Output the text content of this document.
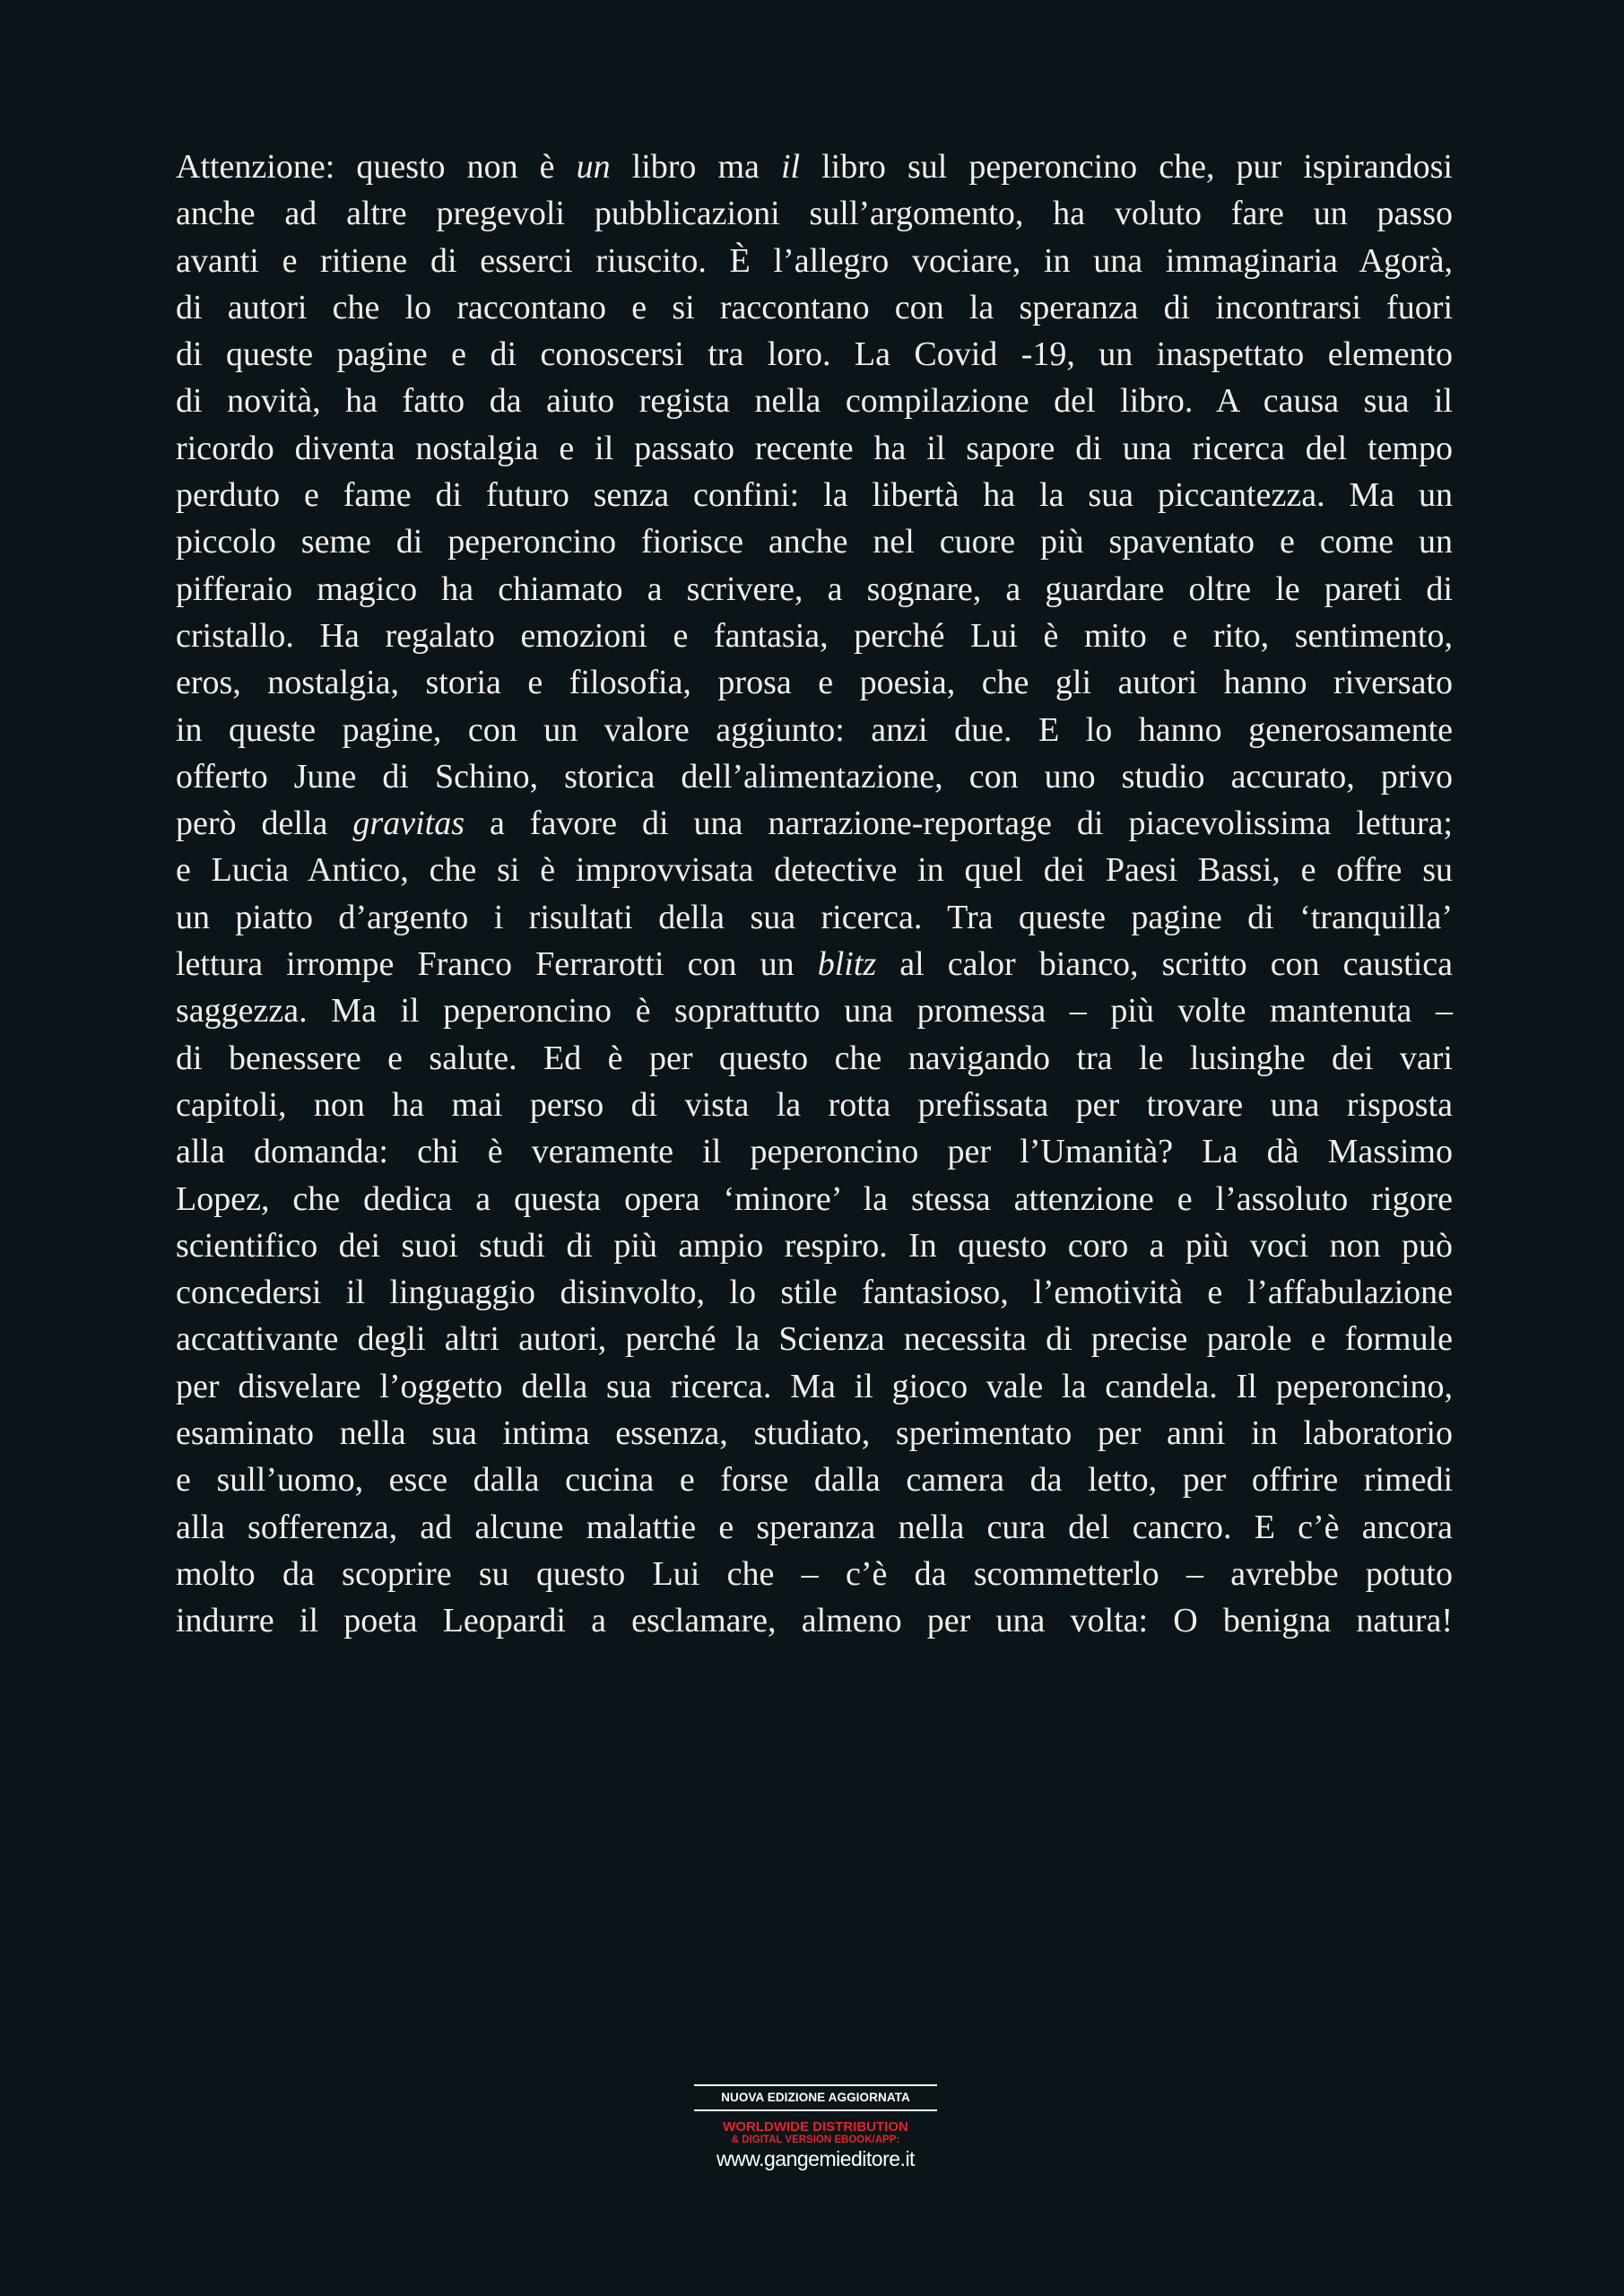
Attenzione: questo non è un libro ma il libro sul peperoncino che, pur ispirandosi
anche ad altre pregevoli pubblicazioni sull’argomento, ha voluto fare un passo
avanti e ritiene di esserci riuscito. È l’allegro vociare, in una immaginaria Agorà,
di autori che lo raccontano e si raccontano con la speranza di incontrarsi fuori
di queste pagine e di conoscersi tra loro. La Covid -19, un inaspettato elemento
di novità, ha fatto da aiuto regista nella compilazione del libro. A causa sua il
ricordo diventa nostalgia e il passato recente ha il sapore di una ricerca del tempo
perduto e fame di futuro senza confini: la libertà ha la sua piccantezza. Ma un
piccolo seme di peperoncino fiorisce anche nel cuore più spaventato e come un
pifferaio magico ha chiamato a scrivere, a sognare, a guardare oltre le pareti di
cristallo. Ha regalato emozioni e fantasia, perché Lui è mito e rito, sentimento,
eros, nostalgia, storia e filosofia, prosa e poesia, che gli autori hanno riversato
in queste pagine, con un valore aggiunto: anzi due. E lo hanno generosamente
offerto June di Schino, storica dell’alimentazione, con uno studio accurato, privo
però della gravitas a favore di una narrazione-reportage di piacevolissima lettura;
e Lucia Antico, che si è improvvisata detective in quel dei Paesi Bassi, e offre su
un piatto d’argento i risultati della sua ricerca. Tra queste pagine di ‘tranquilla’
lettura irrompe Franco Ferrarotti con un blitz al calor bianco, scritto con caustica
saggezza. Ma il peperoncino è soprattutto una promessa – più volte mantenuta –
di benessere e salute. Ed è per questo che navigando tra le lusinghe dei vari
capitoli, non ha mai perso di vista la rotta prefissata per trovare una risposta
alla domanda: chi è veramente il peperoncino per l’Umanità? La dà Massimo
Lopez, che dedica a questa opera ‘minore’ la stessa attenzione e l’assoluto rigore
scientifico dei suoi studi di più ampio respiro. In questo coro a più voci non può
concedersi il linguaggio disinvolto, lo stile fantasioso, l’emotività e l’affabulazione
accattivante degli altri autori, perché la Scienza necessita di precise parole e formule
per disvelare l’oggetto della sua ricerca. Ma il gioco vale la candela. Il peperoncino,
esaminato nella sua intima essenza, studiato, sperimentato per anni in laboratorio
e sull’uomo, esce dalla cucina e forse dalla camera da letto, per offrire rimedi
alla sofferenza, ad alcune malattie e speranza nella cura del cancro. E c’è ancora
molto da scoprire su questo Lui che – c’è da scommetterlo – avrebbe potuto
indurre il poeta Leopardi a esclamare, almeno per una volta: O benigna natura!
NUOVA EDIZIONE AGGIORNATA
WORLDWIDE DISTRIBUTION
& DIGITAL VERSION EBOOK/APP:
www.gangemieditore.it
